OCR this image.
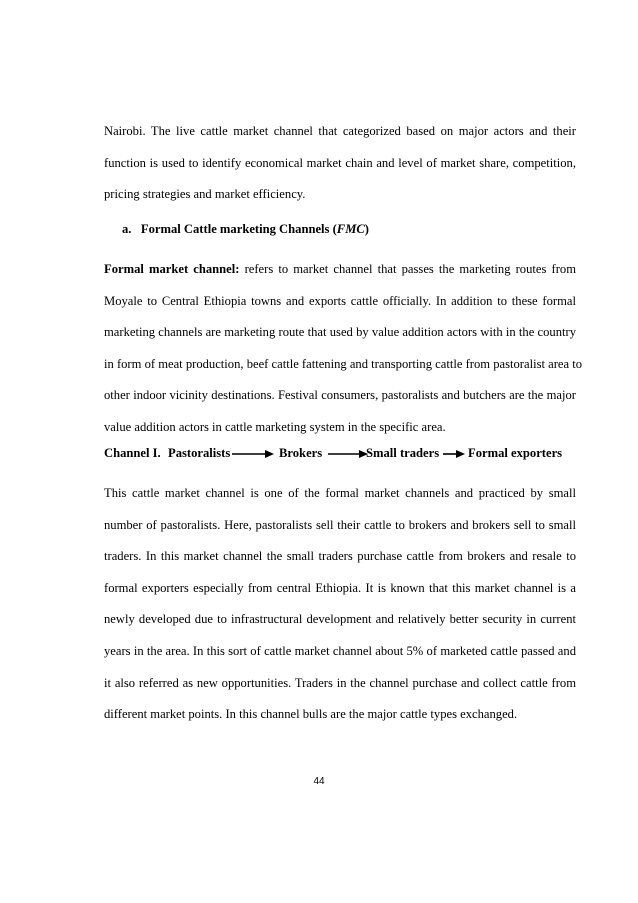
Nairobi. The live cattle market channel that categorized based on major actors and their
function is used to identify economical market chain and level of market share, competition,
pricing strategies and market efficiency.
a. Formal Cattle marketing Channels (FMC)
Formal market channel: refers to market channel that passes the marketing routes from
Moyale to Central Ethiopia towns and exports cattle officially. In addition to these formal
marketing channels are marketing route that used by value addition actors with in the country
in form of meat production, beef cattle fattening and transporting cattle from pastoralist area to
other indoor vicinity destinations. Festival consumers, pastoralists and butchers are the major
value addition actors in cattle marketing system in the specific area.
Channel I. Pastoralists	Brokers	Small traders Formal exporters
This cattle market channel is one of the formal market channels and practiced by small
number of pastoralists. Here, pastoralists sell their cattle to brokers and brokers sell to small
traders. In this market channel the small traders purchase cattle from brokers and resale to
formal exporters especially from central Ethiopia. It is known that this market channel is a
newly developed due to infrastructural development and relatively better security in current
years in the area. In this sort of cattle market channel about 5% of marketed cattle passed and
it also referred as new opportunities. Traders in the channel purchase and collect cattle from
different market points. In this channel bulls are the major cattle types exchanged.
44
